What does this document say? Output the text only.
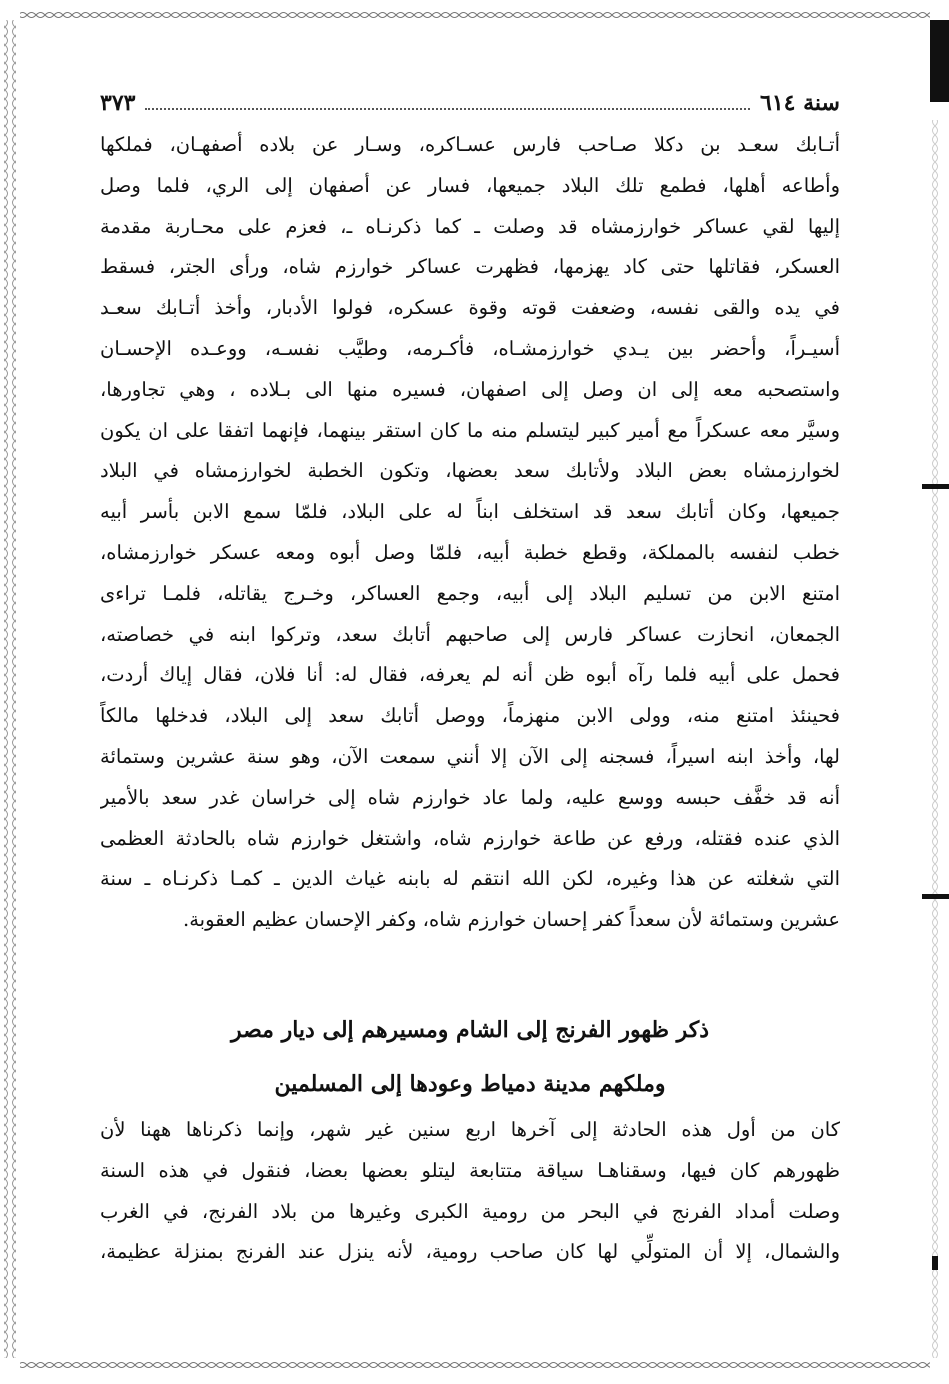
سنة ٦١٤
٣٧٣
أتـابك سعـد بن دكلا صـاحب فارس عسـاكره، وسـار عن بلاده أصفهـان، فملكها
وأطاعه أهلها، فطمع تلك البلاد جميعها، فسار عن أصفهان إلى الري، فلما وصل
إليها لقي عساكر خوارزمشاه قد وصلت ـ كما ذكرنـاه ـ، فعزم على محـاربة مقدمة
العسكر، فقاتلها حتى كاد يهزمها، فظهرت عساكر خوارزم شاه، ورأى الجتر، فسقط
في يده والقى نفسه، وضعفت قوته وقوة عسكره، فولوا الأدبار، وأخذ أتـابك سعـد
أسيـراً، وأحضر بين يـدي خوارزمشـاه، فأكـرمه، وطيَّب نفسـه، ووعـده الإحسـان
واستصحبه معه إلى ان وصل إلى اصفهان، فسيره منها الى بـلاده ، وهي تجاورها،
وسيَّر معه عسكراً مع أمير كبير ليتسلم منه ما كان استقر بينهما، فإنهما اتفقا على ان يكون
لخوارزمشاه بعض البلاد ولأتابك سعد بعضها، وتكون الخطبة لخوارزمشاه في البلاد
جميعها، وكان أتابك سعد قد استخلف ابناً له على البلاد، فلمّا سمع الابن بأسر أبيه
خطب لنفسه بالمملكة، وقطع خطبة أبيه، فلمّا وصل أبوه ومعه عسكر خوارزمشاه،
امتنع الابن من تسليم البلاد إلى أبيه، وجمع العساكر، وخـرج يقاتله، فلمـا تراءى
الجمعان، انحازت عساكر فارس إلى صاحبهم أتابك سعد، وتركوا ابنه في خصاصته،
فحمل على أبيه فلما رآه أبوه ظن أنه لم يعرفه، فقال له: أنا فلان، فقال إياك أردت،
فحينئذ امتنع منه، وولى الابن منهزماً، ووصل أتابك سعد إلى البلاد، فدخلها مالكاً
لها، وأخذ ابنه اسيراً، فسجنه إلى الآن إلا أنني سمعت الآن، وهو سنة عشرين وستمائة
أنه قد خفَّف حبسه ووسع عليه، ولما عاد خوارزم شاه إلى خراسان غدر سعد بالأمير
الذي عنده فقتله، ورفع عن طاعة خوارزم شاه، واشتغل خوارزم شاه بالحادثة العظمى
التي شغلته عن هذا وغيره، لكن الله انتقم له بابنه غياث الدين ـ كمـا ذكرنـاه ـ سنة
عشرين وستمائة لأن سعداً كفر إحسان خوارزم شاه، وكفر الإحسان عظيم العقوبة.
ذكر ظهور الفرنج إلى الشام ومسيرهم إلى ديار مصر
وملكهم مدينة دمياط وعودها إلى المسلمين
كان من أول هذه الحادثة إلى آخرها اربع سنين غير شهر، وإنما ذكرناها ههنا لأن
ظهورهم كان فيها، وسقناهـا سياقة متتابعة ليتلو بعضها بعضا، فنقول في هذه السنة
وصلت أمداد الفرنج في البحر من رومية الكبرى وغيرها من بلاد الفرنج، في الغرب
والشمال، إلا أن المتولِّي لها كان صاحب رومية، لأنه ينزل عند الفرنج بمنزلة عظيمة،
